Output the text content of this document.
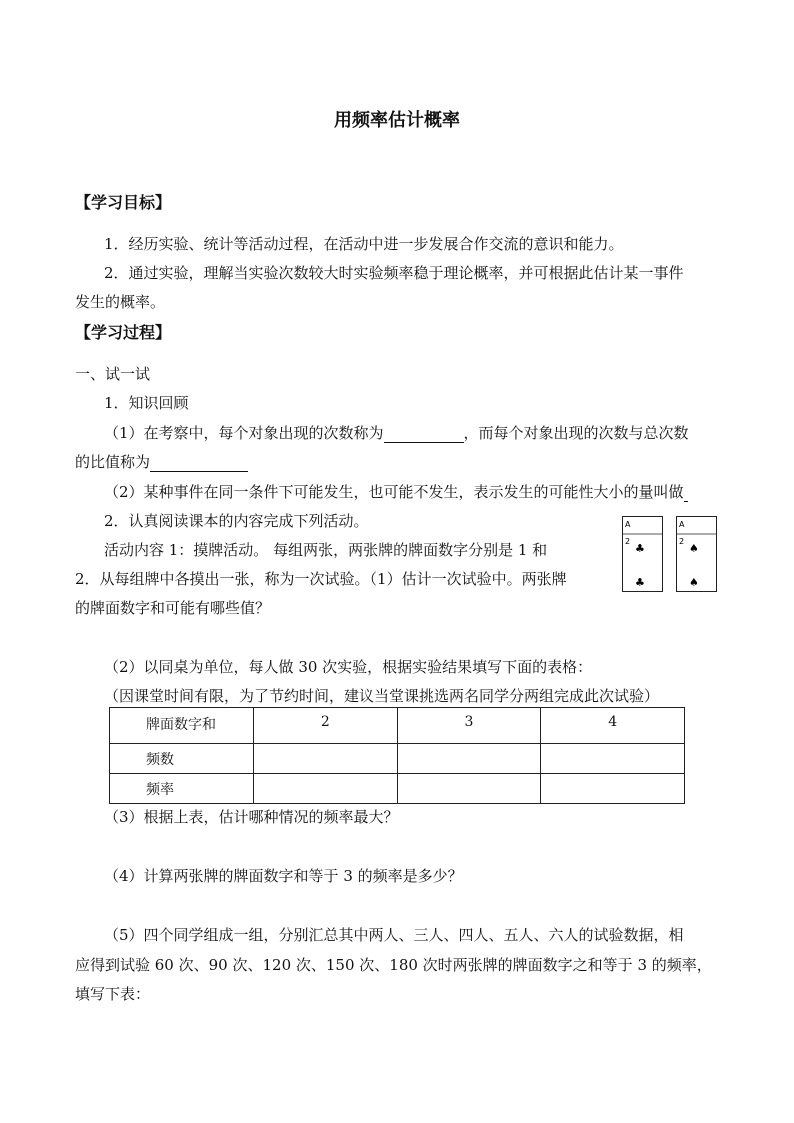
用频率估计概率
【学习目标】
1．经历实验、统计等活动过程，在活动中进一步发展合作交流的意识和能力。
2．通过实验，理解当实验次数较大时实验频率稳于理论概率，并可根据此估计某一事件
发生的概率。
【学习过程】
一、试一试
1．知识回顾
（1）在考察中，每个对象出现的次数称为	，而每个对象出现的次数与总次数
的比值称为
（2）某种事件在同一条件下可能发生，也可能不发生，表示发生的可能性大小的量叫做
2．认真阅读课本的内容完成下列活动。
活动内容 1：摸牌活动。 每组两张，两张牌的牌面数字分别是 1 和
2．从每组牌中各摸出一张，称为一次试验。（1）估计一次试验中。两张牌
的牌面数字和可能有哪些值？
A
2
♣
♣
A
2
♠
♠
（2）以同桌为单位，每人做 30 次实验，根据实验结果填写下面的表格：
（因课堂时间有限，为了节约时间，建议当堂课挑选两名同学分两组完成此次试验）
牌面数字和	2	3	4
频数			
频率			
（3）根据上表，估计哪种情况的频率最大？
（4）计算两张牌的牌面数字和等于 3 的频率是多少？
（5）四个同学组成一组，分别汇总其中两人、三人、四人、五人、六人的试验数据，相
应得到试验 60 次、90 次、120 次、150 次、180 次时两张牌的牌面数字之和等于 3 的频率，
填写下表：
